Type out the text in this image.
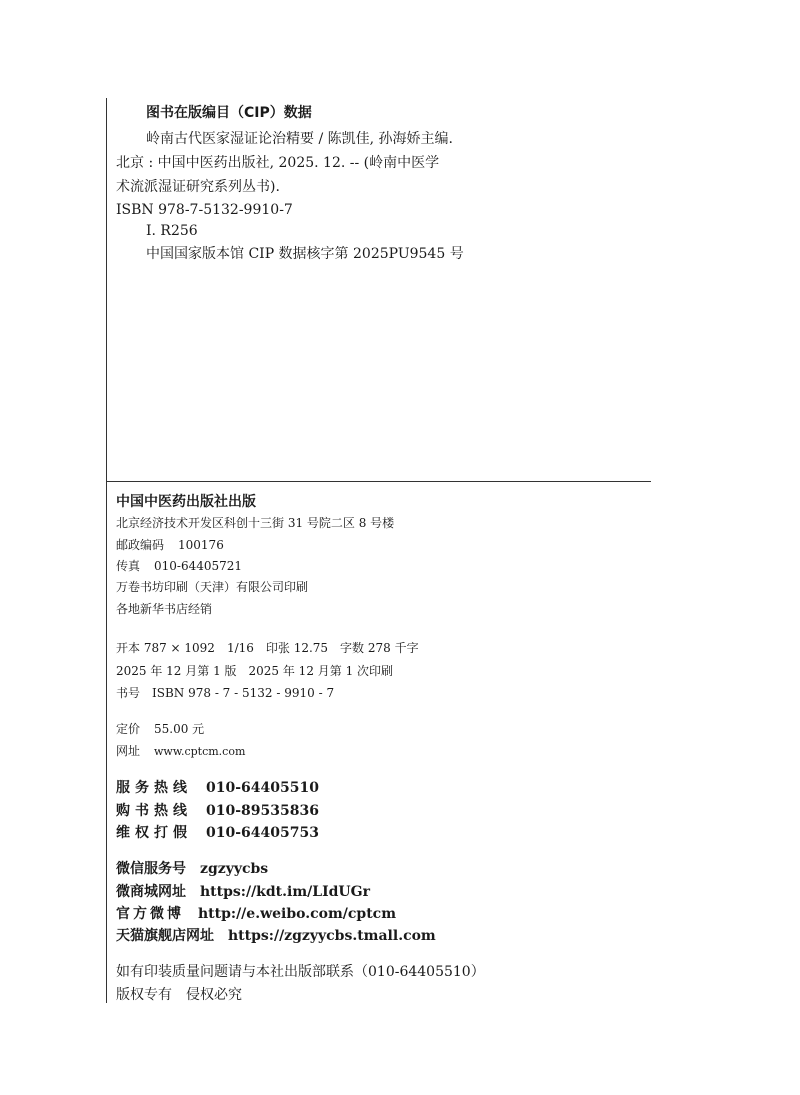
图书在版编目（CIP）数据
岭南古代医家湿证论治精要 / 陈凯佳, 孙海娇主编.
北京 : 中国中医药出版社, 2025. 12. -- (岭南中医学
术流派湿证研究系列丛书).
ISBN 978-7-5132-9910-7
Ⅰ. R256
中国国家版本馆 CIP 数据核字第 2025PU9545 号
中国中医药出版社出版
北京经济技术开发区科创十三街 31 号院二区 8 号楼
邮政编码 100176
传真 010-64405721
万卷书坊印刷（天津）有限公司印刷
各地新华书店经销
开本 787 × 1092　1/16　印张 12.75　字数 278 千字
2025 年 12 月第 1 版　2025 年 12 月第 1 次印刷
书号　ISBN 978 - 7 - 5132 - 9910 - 7
定价 55.00 元
网址 www.cptcm.com
服务热线 010-64405510
购书热线 010-89535836
维权打假 010-64405753
微信服务号 zgzyycbs
微商城网址 https://kdt.im/LIdUGr
官方微博 http://e.weibo.com/cptcm
天猫旗舰店网址 https://zgzyycbs.tmall.com
如有印装质量问题请与本社出版部联系（010-64405510）
版权专有　侵权必究
